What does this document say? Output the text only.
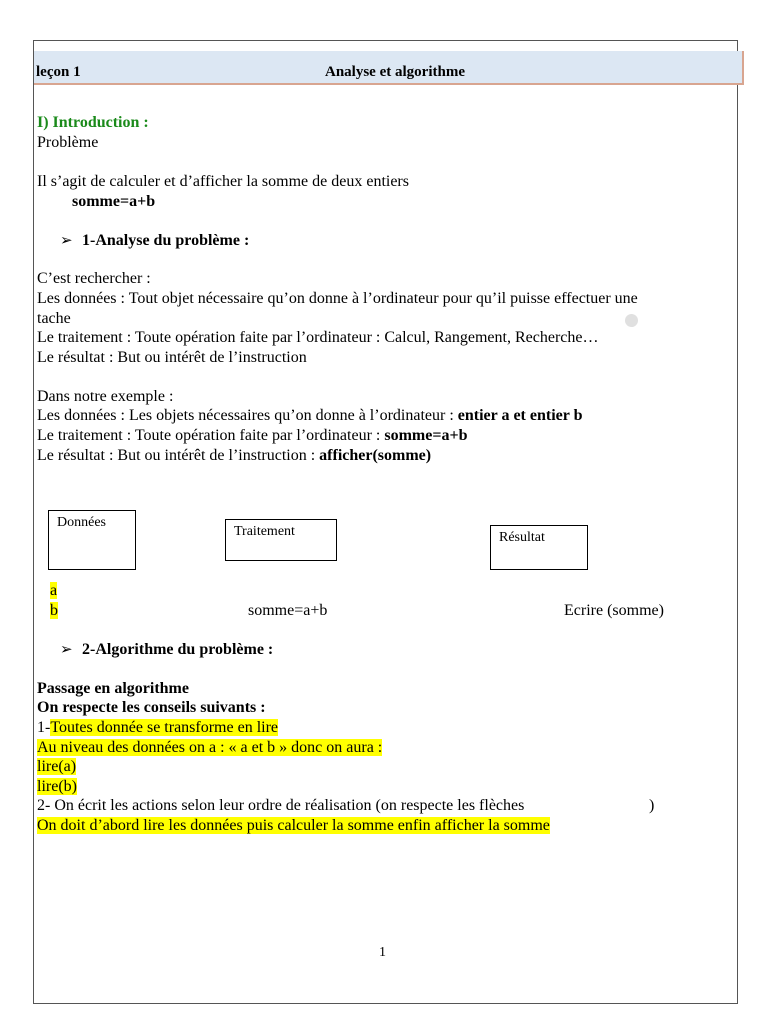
leçon 1	Analyse et algorithme
I) Introduction :
Problème
Il s’agit de calculer et d’afficher la somme de deux entiers
somme=a+b
➢ 1-Analyse du problème :
C’est rechercher :
Les données : Tout objet nécessaire qu’on donne à l’ordinateur pour qu’il puisse effectuer une
tache
Le traitement : Toute opération faite par l’ordinateur : Calcul, Rangement, Recherche…
Le résultat : But ou intérêt de l’instruction
Dans notre exemple :
Les données : Les objets nécessaires qu’on donne à l’ordinateur : entier a et entier b
Le traitement : Toute opération faite par l’ordinateur : somme=a+b
Le résultat : But ou intérêt de l’instruction : afficher(somme)
Données
Traitement	Résultat
a
b	somme=a+b	Ecrire (somme)
➢ 2-Algorithme du problème :
Passage en algorithme
On respecte les conseils suivants :
1-Toutes donnée se transforme en lire
Au niveau des données on a : « a et b » donc on aura :
lire(a)
lire(b)
2- On écrit les actions selon leur ordre de réalisation (on respecte les flèches	)
On doit d’abord lire les données puis calculer la somme enfin afficher la somme
1
